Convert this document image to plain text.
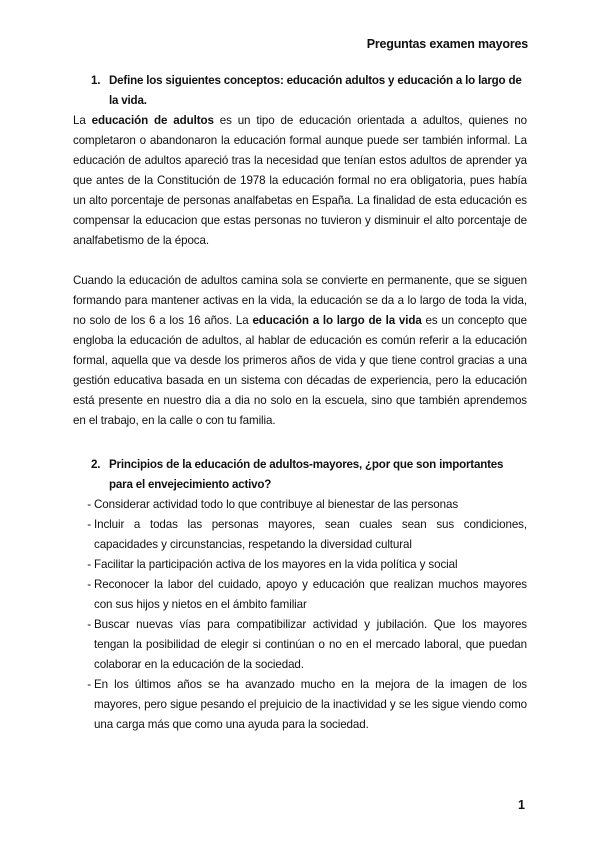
Preguntas examen mayores
1. Define los siguientes conceptos: educación adultos y educación a lo largo de la vida.

La educación de adultos es un tipo de educación orientada a adultos, quienes no completaron o abandonaron la educación formal aunque puede ser también informal. La educación de adultos apareció tras la necesidad que tenían estos adultos de aprender ya que antes de la Constitución de 1978 la educación formal no era obligatoria, pues había un alto porcentaje de personas analfabetas en España. La finalidad de esta educación es compensar la educacion que estas personas no tuvieron y disminuir el alto porcentaje de analfabetismo de la época.

Cuando la educación de adultos camina sola se convierte en permanente, que se siguen formando para mantener activas en la vida, la educación se da a lo largo de toda la vida, no solo de los 6 a los 16 años. La educación a lo largo de la vida es un concepto que engloba la educación de adultos, al hablar de educación es común referir a la educación formal, aquella que va desde los primeros años de vida y que tiene control gracias a una gestión educativa basada en un sistema con décadas de experiencia, pero la educación está presente en nuestro dia a dia no solo en la escuela, sino que también aprendemos en el trabajo, en la calle o con tu familia.

2. Principios de la educación de adultos-mayores, ¿por que son importantes para el envejecimiento activo?
- Considerar actividad todo lo que contribuye al bienestar de las personas
- Incluir a todas las personas mayores, sean cuales sean sus condiciones, capacidades y circunstancias, respetando la diversidad cultural
- Facilitar la participación activa de los mayores en la vida política y social
- Reconocer la labor del cuidado, apoyo y educación que realizan muchos mayores con sus hijos y nietos en el ámbito familiar
- Buscar nuevas vías para compatibilizar actividad y jubilación. Que los mayores tengan la posibilidad de elegir si continúan o no en el mercado laboral, que puedan colaborar en la educación de la sociedad.
- En los últimos años se ha avanzado mucho en la mejora de la imagen de los mayores, pero sigue pesando el prejuicio de la inactividad y se les sigue viendo como una carga más que como una ayuda para la sociedad.
1
